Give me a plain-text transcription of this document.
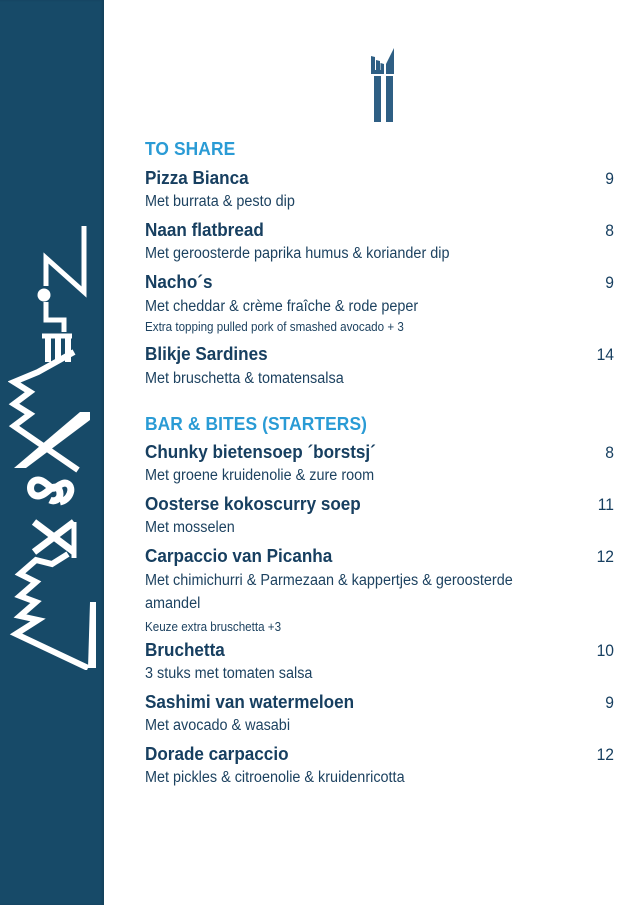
TO SHARE
Pizza Bianca	9
Met burrata & pesto dip
Naan flatbread	8
Met geroosterde paprika humus & koriander dip
Nacho´s	9
Met cheddar & crème fraîche & rode peper
Extra topping pulled pork of smashed avocado + 3
Blikje Sardines	14
Met bruschetta & tomatensalsa
BAR & BITES (STARTERS)
Chunky bietensoep ´borstsj´	8
Met groene kruidenolie & zure room
Oosterse kokoscurry soep	11
Met mosselen
Carpaccio van Picanha	12
Met chimichurri & Parmezaan & kappertjes & geroosterde
amandel
Keuze extra bruschetta +3
Bruchetta	10
3 stuks met tomaten salsa
Sashimi van watermeloen	9
Met avocado & wasabi
Dorade carpaccio	12
Met pickles & citroenolie & kruidenricotta
